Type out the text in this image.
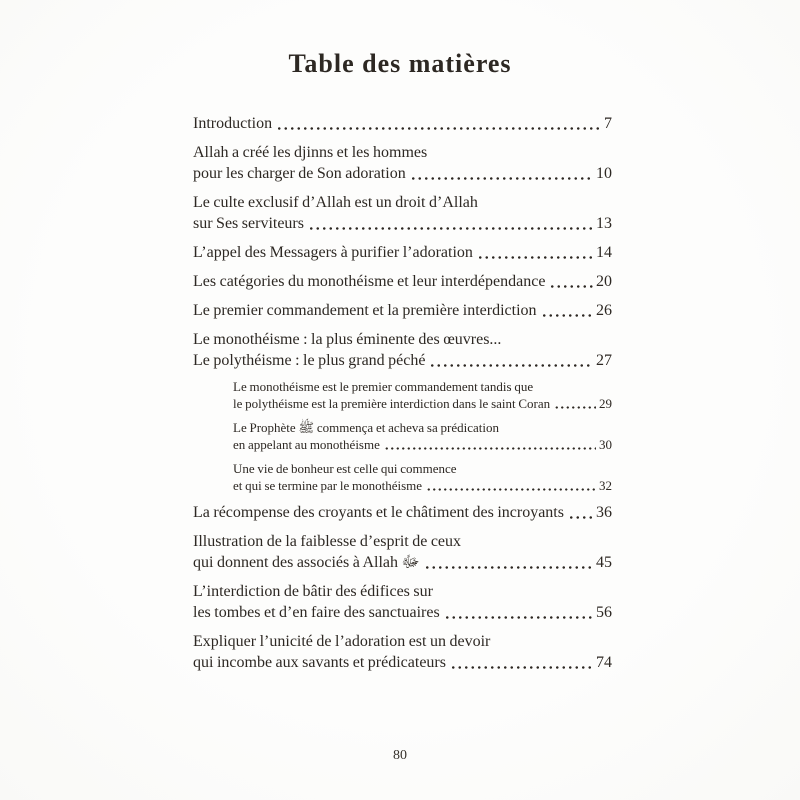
Table des matières
Introduction	7
Allah a créé les djinns et les hommes
pour les charger de Son adoration	10
Le culte exclusif d’Allah est un droit d’Allah
sur Ses serviteurs	13
L’appel des Messagers à purifier l’adoration	14
Les catégories du monothéisme et leur interdépendance	20
Le premier commandement et la première interdiction	26
Le monothéisme : la plus éminente des œuvres...
Le polythéisme : le plus grand péché	27
Le monothéisme est le premier commandement tandis que
le polythéisme est la première interdiction dans le saint Coran	29
Le Prophète ﷺ commença et acheva sa prédication
en appelant au monothéisme	30
Une vie de bonheur est celle qui commence
et qui se termine par le monothéisme	32
La récompense des croyants et le châtiment des incroyants 36
Illustration de la faiblesse d’esprit de ceux
qui donnent des associés à Allah ﷻ	45
L’interdiction de bâtir des édifices sur
les tombes et d’en faire des sanctuaires	56
Expliquer l’unicité de l’adoration est un devoir
qui incombe aux savants et prédicateurs	74
80
